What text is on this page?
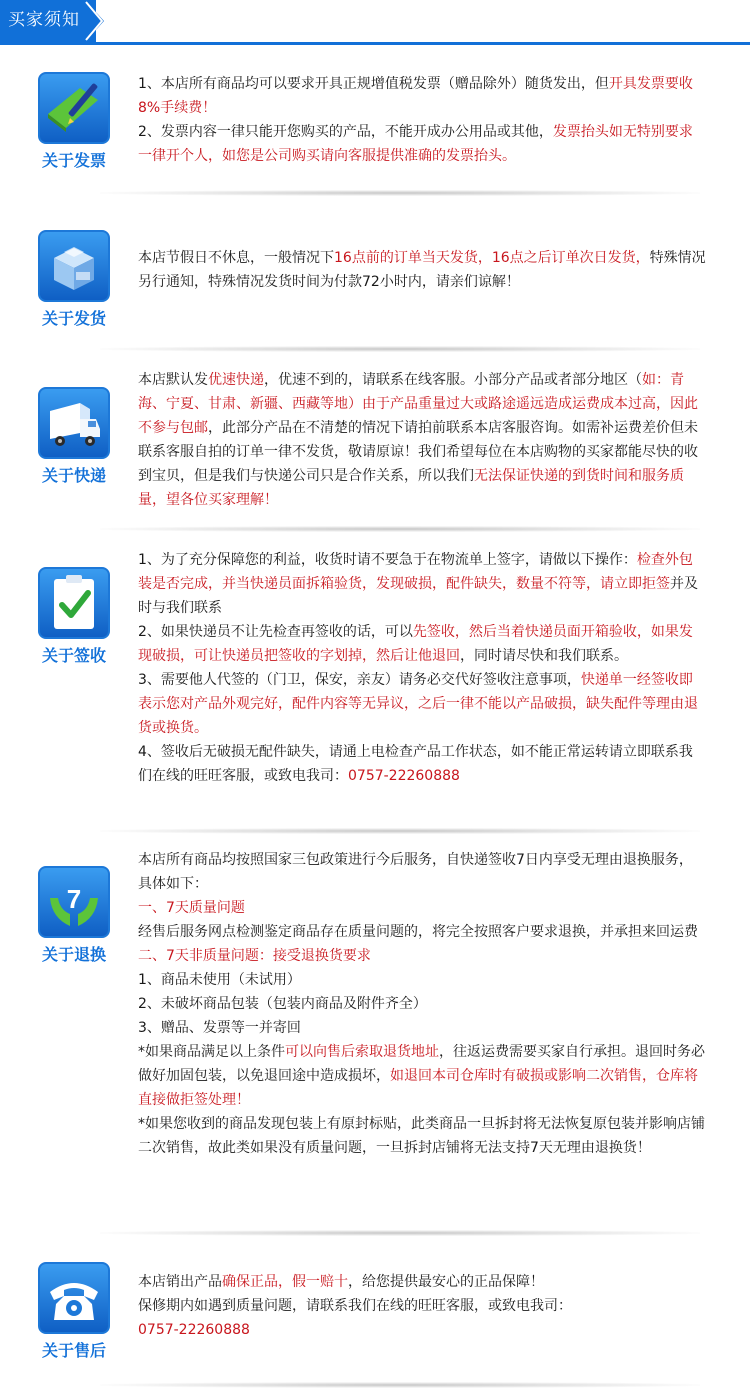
买家须知
关于发票

1、本店所有商品均可以要求开具正规增值税发票（赠品除外）随货发出，但开具发票要收8%手续费！

2、发票内容一律只能开您购买的产品，不能开成办公用品或其他，发票抬头如无特别要求一律开个人，如您是公司购买请向客服提供准确的发票抬头。

关于发货

本店节假日不休息，一般情况下16点前的订单当天发货，16点之后订单次日发货，特殊情况另行通知，特殊情况发货时间为付款72小时内，请亲们谅解！

关于快递

本店默认发优速快递，优速不到的，请联系在线客服。小部分产品或者部分地区（如：青海、宁夏、甘肃、新疆、西藏等地）由于产品重量过大或路途遥远造成运费成本过高，因此不参与包邮，此部分产品在不清楚的情况下请拍前联系本店客服咨询。如需补运费差价但未联系客服自拍的订单一律不发货，敬请原谅！我们希望每位在本店购物的买家都能尽快的收到宝贝，但是我们与快递公司只是合作关系，所以我们无法保证快递的到货时间和服务质量，望各位买家理解！

关于签收

1、为了充分保障您的利益，收货时请不要急于在物流单上签字，请做以下操作：检查外包装是否完成，并当快递员面拆箱验货，发现破损，配件缺失，数量不符等，请立即拒签并及时与我们联系

2、如果快递员不让先检查再签收的话，可以先签收，然后当着快递员面开箱验收，如果发现破损，可让快递员把签收的字划掉，然后让他退回，同时请尽快和我们联系。

3、需要他人代签的（门卫，保安，亲友）请务必交代好签收注意事项，快递单一经签收即表示您对产品外观完好，配件内容等无异议，之后一律不能以产品破损，缺失配件等理由退货或换货。

4、签收后无破损无配件缺失，请通上电检查产品工作状态，如不能正常运转请立即联系我们在线的旺旺客服，或致电我司：0757-22260888

7
关于退换

本店所有商品均按照国家三包政策进行今后服务，自快递签收7日内享受无理由退换服务，具体如下：

一、7天质量问题

经售后服务网点检测鉴定商品存在质量问题的，将完全按照客户要求退换，并承担来回运费

二、7天非质量问题：接受退换货要求

1、商品未使用（未试用）

2、未破坏商品包装（包装内商品及附件齐全）

3、赠品、发票等一并寄回

*如果商品满足以上条件可以向售后索取退货地址，往返运费需要买家自行承担。退回时务必做好加固包装，以免退回途中造成损坏，如退回本司仓库时有破损或影响二次销售，仓库将直接做拒签处理！

*如果您收到的商品发现包装上有原封标贴，此类商品一旦拆封将无法恢复原包装并影响店铺二次销售，故此类如果没有质量问题，一旦拆封店铺将无法支持7天无理由退换货！

关于售后

本店销出产品确保正品，假一赔十，给您提供最安心的正品保障！

保修期内如遇到质量问题，请联系我们在线的旺旺客服，或致电我司：

0757-22260888
